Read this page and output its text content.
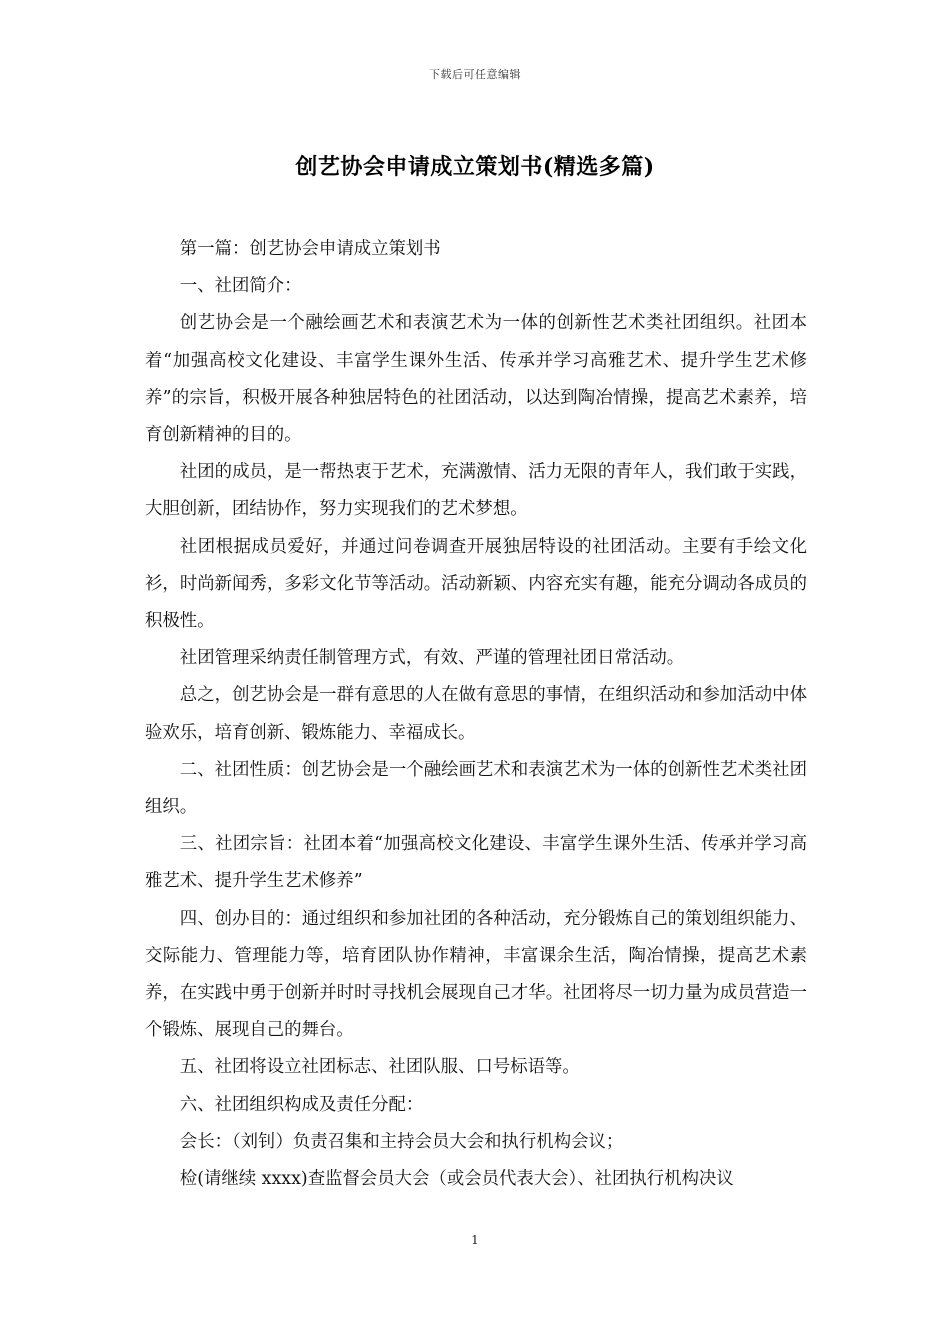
下载后可任意编辑
创艺协会申请成立策划书(精选多篇)

第一篇：创艺协会申请成立策划书

一、社团简介：

创艺协会是一个融绘画艺术和表演艺术为一体的创新性艺术类社团组织。社团本着“加强高校文化建设、丰富学生课外生活、传承并学习高雅艺术、提升学生艺术修养”的宗旨，积极开展各种独居特色的社团活动，以达到陶冶情操，提高艺术素养，培育创新精神的目的。

社团的成员，是一帮热衷于艺术，充满激情、活力无限的青年人，我们敢于实践，大胆创新，团结协作，努力实现我们的艺术梦想。

社团根据成员爱好，并通过问卷调查开展独居特设的社团活动。主要有手绘文化衫，时尚新闻秀，多彩文化节等活动。活动新颖、内容充实有趣，能充分调动各成员的积极性。

社团管理采纳责任制管理方式，有效、严谨的管理社团日常活动。

总之，创艺协会是一群有意思的人在做有意思的事情，在组织活动和参加活动中体验欢乐，培育创新、锻炼能力、幸福成长。

二、社团性质：创艺协会是一个融绘画艺术和表演艺术为一体的创新性艺术类社团组织。

三、社团宗旨：社团本着“加强高校文化建设、丰富学生课外生活、传承并学习高雅艺术、提升学生艺术修养”

四、创办目的：通过组织和参加社团的各种活动，充分锻炼自己的策划组织能力、交际能力、管理能力等，培育团队协作精神，丰富课余生活，陶冶情操，提高艺术素养，在实践中勇于创新并时时寻找机会展现自己才华。社团将尽一切力量为成员营造一个锻炼、展现自己的舞台。

五、社团将设立社团标志、社团队服、口号标语等。

六、社团组织构成及责任分配：

会长：（刘钊）负责召集和主持会员大会和执行机构会议；

检(请继续 xxxx)查监督会员大会（或会员代表大会）、社团执行机构决议

1
